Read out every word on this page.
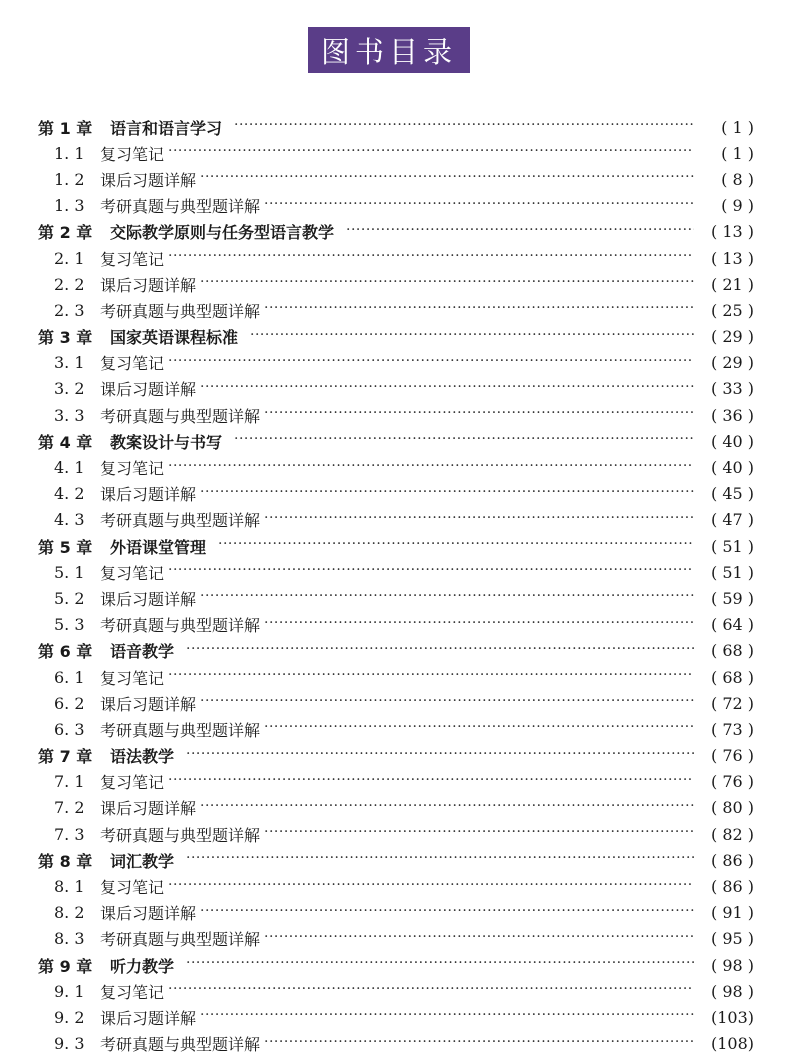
图书目录
第 1 章	语言和语言学习 ·····	( 1 )
1. 1 复习笔记 ·····	( 1 )
1. 2 课后习题详解 ·····	( 8 )
1. 3 考研真题与典型题详解 ·····	( 9 )
第 2 章	交际教学原则与任务型语言教学 ·····	( 13 )
2. 1 复习笔记 ·····	( 13 )
2. 2 课后习题详解 ·····	( 21 )
2. 3 考研真题与典型题详解 ·····	( 25 )
第 3 章	国家英语课程标准 ·····	( 29 )
3. 1 复习笔记 ·····	( 29 )
3. 2 课后习题详解 ·····	( 33 )
3. 3 考研真题与典型题详解 ·····	( 36 )
第 4 章	教案设计与书写 ·····	( 40 )
4. 1 复习笔记 ·····	( 40 )
4. 2 课后习题详解 ·····	( 45 )
4. 3 考研真题与典型题详解 ·····	( 47 )
第 5 章	外语课堂管理 ·····	( 51 )
5. 1 复习笔记 ·····	( 51 )
5. 2 课后习题详解 ·····	( 59 )
5. 3 考研真题与典型题详解 ·····	( 64 )
第 6 章	语音教学 ·····	( 68 )
6. 1 复习笔记 ·····	( 68 )
6. 2 课后习题详解 ·····	( 72 )
6. 3 考研真题与典型题详解 ·····	( 73 )
第 7 章	语法教学 ·····	( 76 )
7. 1 复习笔记 ·····	( 76 )
7. 2 课后习题详解 ·····	( 80 )
7. 3 考研真题与典型题详解 ·····	( 82 )
第 8 章	词汇教学 ·····	( 86 )
8. 1 复习笔记 ·····	( 86 )
8. 2 课后习题详解 ·····	( 91 )
8. 3 考研真题与典型题详解 ·····	( 95 )
第 9 章	听力教学 ·····	( 98 )
9. 1 复习笔记 ·····	( 98 )
9. 2 课后习题详解 ·····	(103)
9. 3 考研真题与典型题详解 ·····	(108)
